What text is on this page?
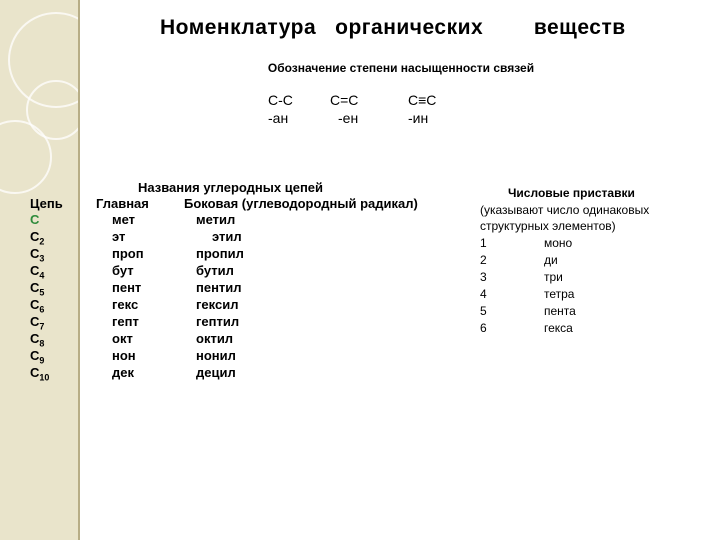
Номенклатура   органических        веществ
Обозначение степени насыщенности связей
C-C	C=C	C≡C
-ан	-ен	-ин
Названия углеродных цепей
Цепь	Главная	Боковая (углеводородный радикал)
C	мет	метил
$C_2$	эт	этил
$C_3$	проп	пропил
$C_4$	бут	бутил
$C_5$	пент	пентил
$C_6$	гекс	гексил
$C_7$	гепт	гептил
$C_8$	окт	октил
$C_9$	нон	нонил
$C_{10}$	дек	децил
Числовые приставки
(указывают число одинаковых структурных элементов)
1	моно
2	ди
3	три
4	тетра
5	пента
6	гекса
